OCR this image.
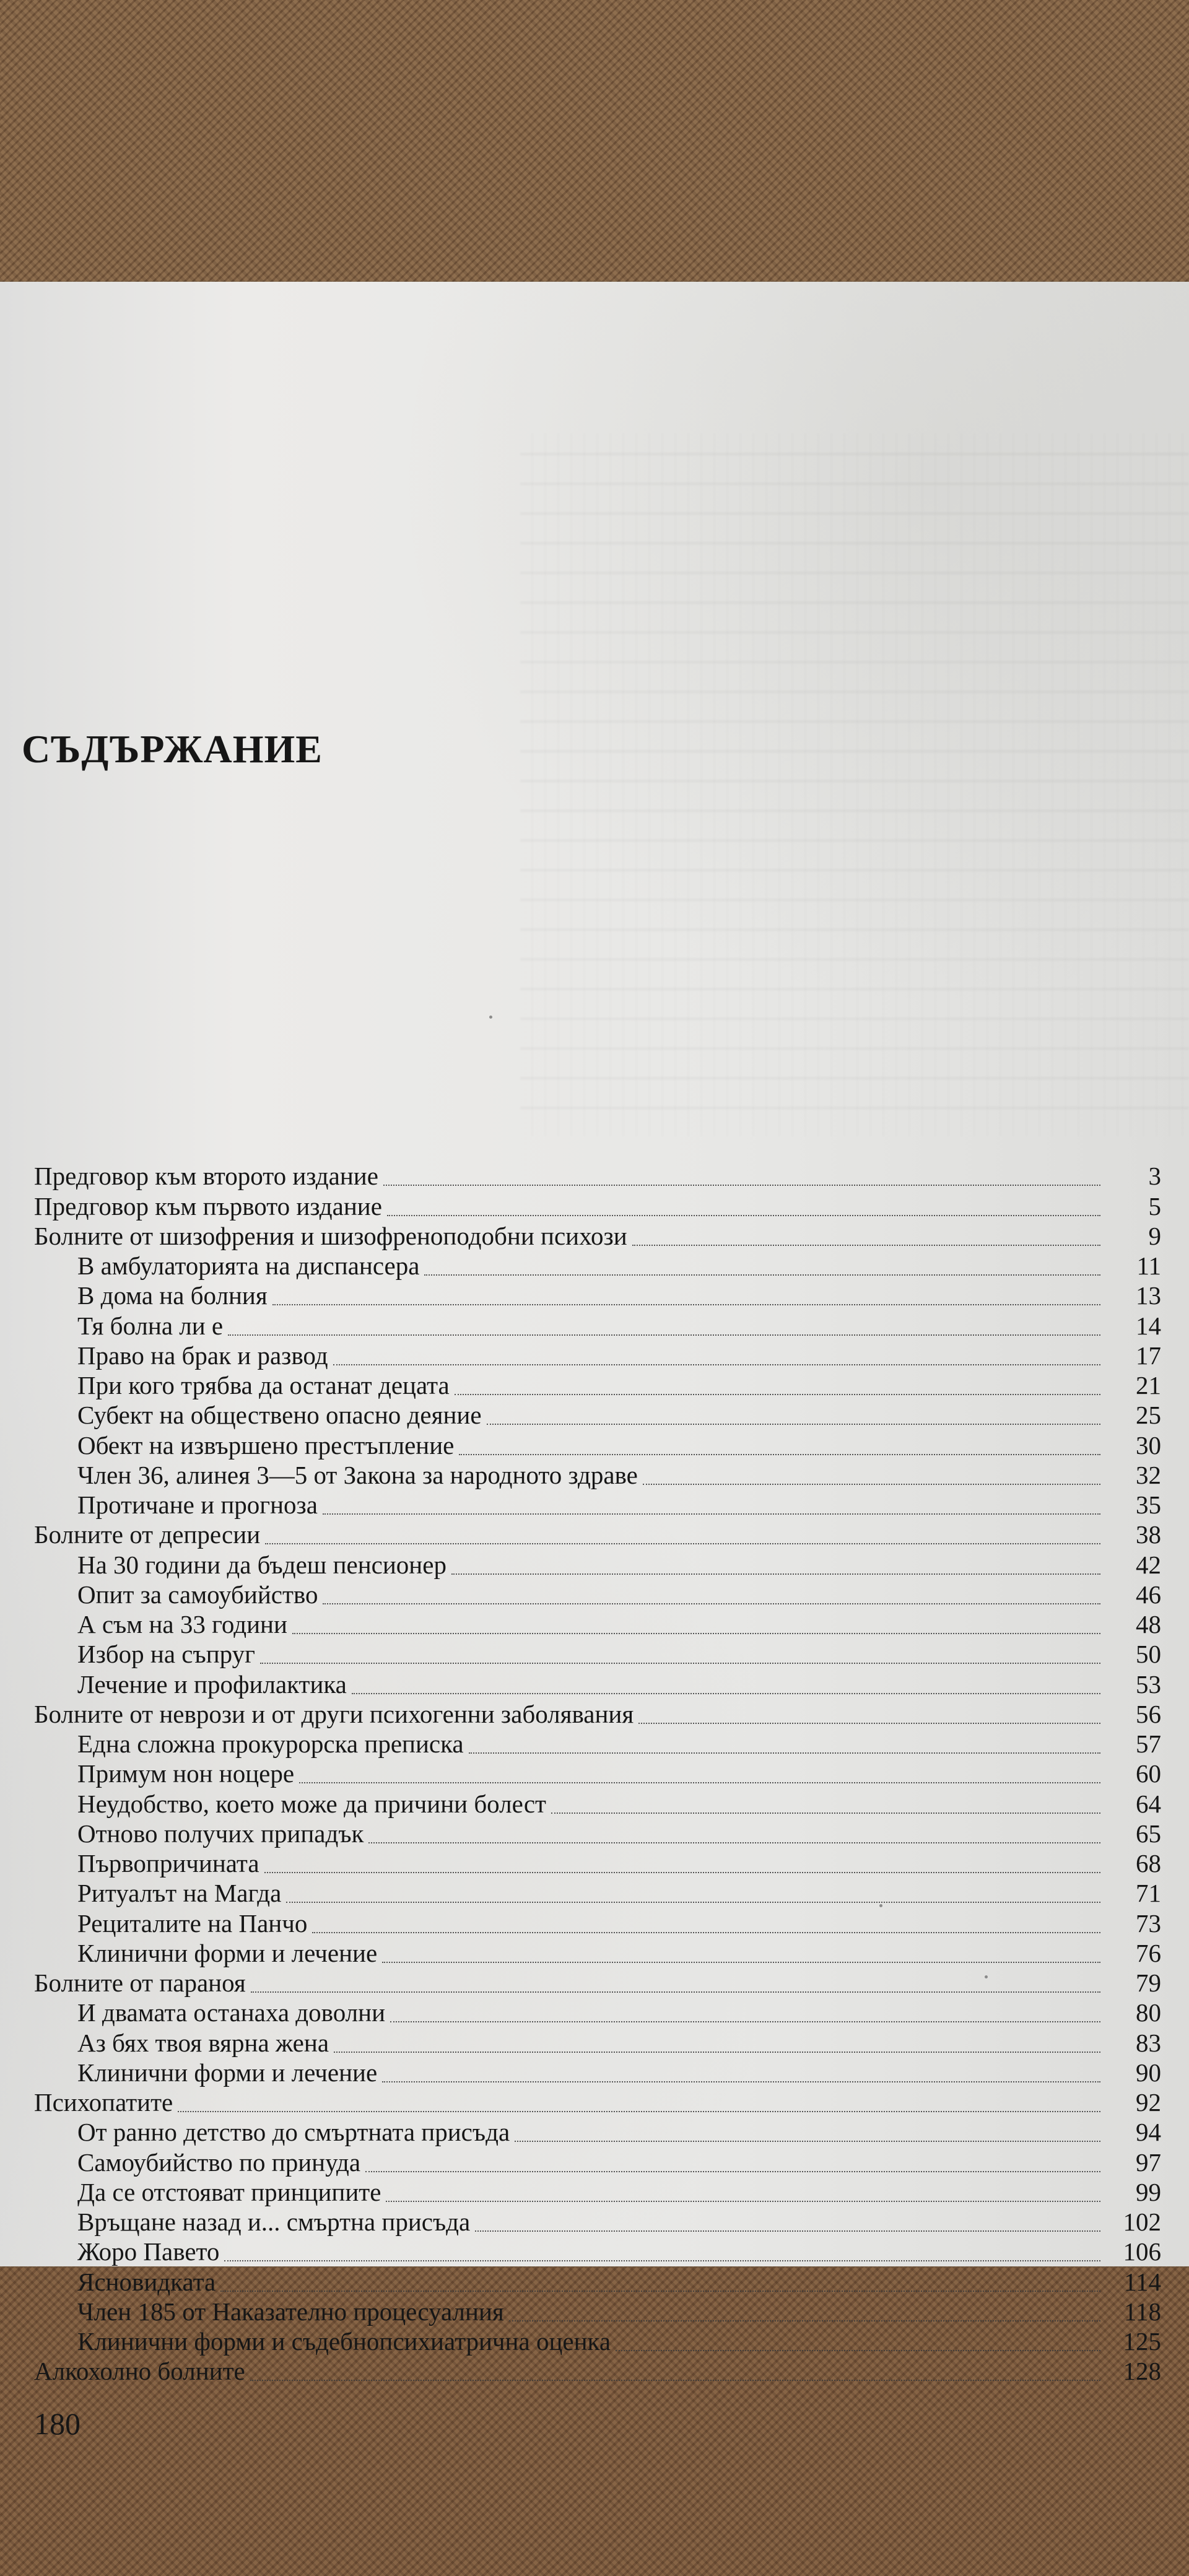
СЪДЪРЖАНИЕ
Предговор към второто издание	3
Предговор към първото издание	5
Болните от шизофрения и шизофреноподобни психози	9
В амбулаторията на диспансера	11
В дома на болния	13
Тя болна ли е	14
Право на брак и развод	17
При кого трябва да останат децата	21
Субект на обществено опасно деяние	25
Обект на извършено престъпление	30
Член 36, алинея 3—5 от Закона за народното здраве	32
Протичане и прогноза	35
Болните от депресии	38
На 30 години да бъдеш пенсионер	42
Опит за самоубийство	46
А съм на 33 години	48
Избор на съпруг	50
Лечение и профилактика	53
Болните от неврози и от други психогенни заболявания	56
Една сложна прокурорска преписка	57
Примум нон ноцере	60
Неудобство, което може да причини болест	64
Отново получих припадък	65
Първопричината	68
Ритуалът на Магда	71
Рециталите на Панчо	73
Клинични форми и лечение	76
Болните от параноя	79
И двамата останаха доволни	80
Аз бях твоя вярна жена	83
Клинични форми и лечение	90
Психопатите	92
От ранно детство до смъртната присъда	94
Самоубийство по принуда	97
Да се отстояват принципите	99
Връщане назад и... смъртна присъда	102
Жоро Павето	106
Ясновидката	114
Член 185 от Наказателно процесуалния	118
Клинични форми и съдебнопсихиатрична оценка	125
Алкохолно болните	128
180
